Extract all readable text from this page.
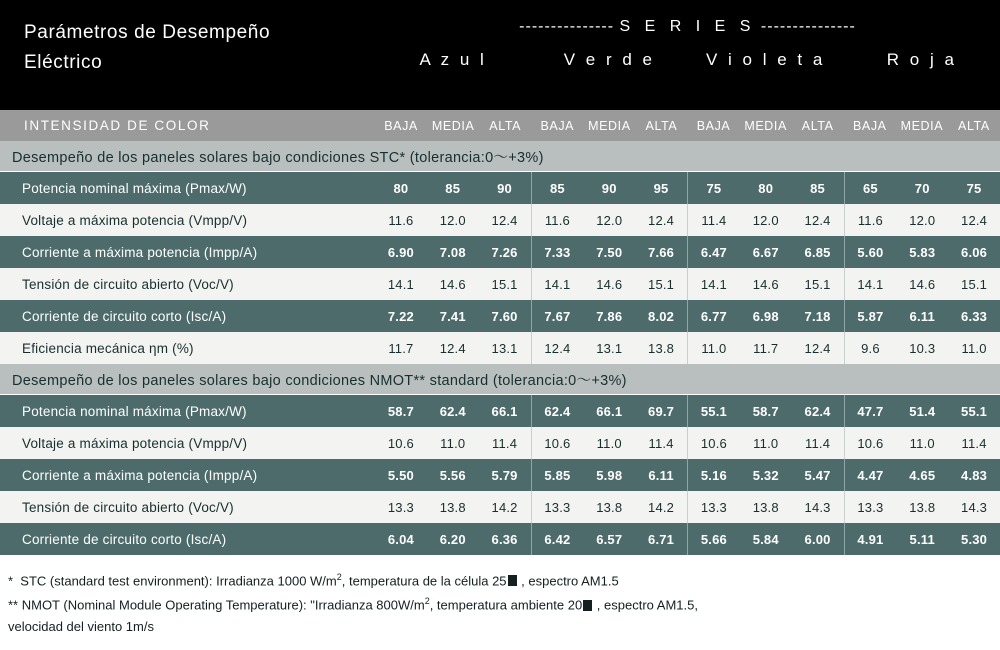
Parámetros de Desempeño
Eléctrico
--------------- S E R I E S ---------------
A z u l	V e r d e	V i o l e t a	R o j a
INTENSIDAD DE COLOR	BAJA	MEDIA	ALTA	BAJA	MEDIA	ALTA	BAJA	MEDIA	ALTA	BAJA	MEDIA	ALTA
Desempeño de los paneles solares bajo condiciones STC* (tolerancia:0〜+3%)
Potencia nominal máxima (Pmax/W)	80	85	90	85	90	95	75	80	85	65	70	75
Voltaje a máxima potencia (Vmpp/V)	11.6	12.0	12.4	11.6	12.0	12.4	11.4	12.0	12.4	11.6	12.0	12.4
Corriente a máxima potencia (Impp/A)	6.90	7.08	7.26	7.33	7.50	7.66	6.47	6.67	6.85	5.60	5.83	6.06
Tensión de circuito abierto (Voc/V)	14.1	14.6	15.1	14.1	14.6	15.1	14.1	14.6	15.1	14.1	14.6	15.1
Corriente de circuito corto (Isc/A)	7.22	7.41	7.60	7.67	7.86	8.02	6.77	6.98	7.18	5.87	6.11	6.33
Eficiencia mecánica ηm (%)	11.7	12.4	13.1	12.4	13.1	13.8	11.0	11.7	12.4	9.6	10.3	11.0
Desempeño de los paneles solares bajo condiciones NMOT** standard (tolerancia:0〜+3%)
Potencia nominal máxima (Pmax/W)	58.7	62.4	66.1	62.4	66.1	69.7	55.1	58.7	62.4	47.7	51.4	55.1
Voltaje a máxima potencia (Vmpp/V)	10.6	11.0	11.4	10.6	11.0	11.4	10.6	11.0	11.4	10.6	11.0	11.4
Corriente a máxima potencia (Impp/A)	5.50	5.56	5.79	5.85	5.98	6.11	5.16	5.32	5.47	4.47	4.65	4.83
Tensión de circuito abierto (Voc/V)	13.3	13.8	14.2	13.3	13.8	14.2	13.3	13.8	14.3	13.3	13.8	14.3
Corriente de circuito corto (Isc/A)	6.04	6.20	6.36	6.42	6.57	6.71	5.66	5.84	6.00	4.91	5.11	5.30
*  STC (standard test environment): Irradianza 1000 $W/m^2$, temperatura de la célula 25 , espectro AM1.5
** NMOT (Nominal Module Operating Temperature): "Irradianza $800W/m^2$, temperatura ambiente 20 , espectro AM1.5,
velocidad del viento 1m/s
